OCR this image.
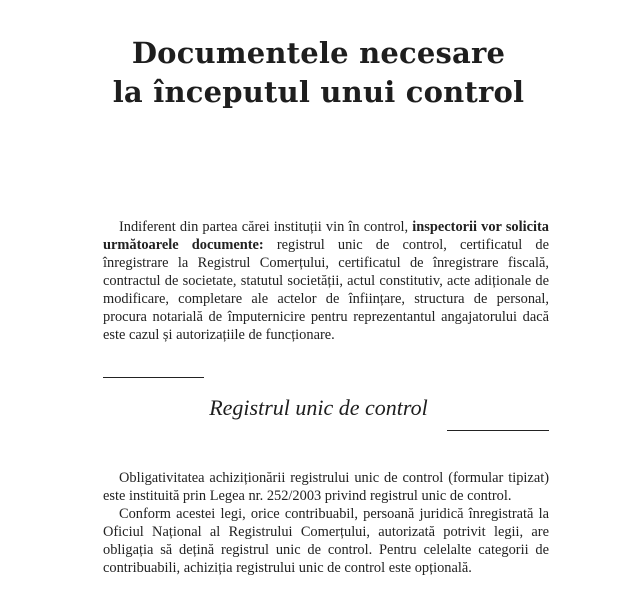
Documentele necesare
la începutul unui control

Indiferent din partea cărei instituții vin în control, inspectorii vor solicita următoarele documente: registrul unic de control, certificatul de înregistrare la Registrul Comerțului, certificatul de înregistrare fiscală, contractul de societate, statutul societății, actul constitutiv, acte adiționale de modificare, completare ale actelor de înființare, structura de personal, procura notarială de împuternicire pentru reprezentantul angajatorului dacă este cazul și autorizațiile de funcționare.

Registrul unic de control

Obligativitatea achiziționării registrului unic de control (formular tipizat) este instituită prin Legea nr. 252/2003 privind registrul unic de control.

Conform acestei legi, orice contribuabil, persoană juridică înregistrată la Oficiul Național al Registrului Comerțului, autorizată potrivit legii, are obligația să dețină registrul unic de control. Pentru celelalte categorii de contribuabili, achiziția registrului unic de control este opțională.
